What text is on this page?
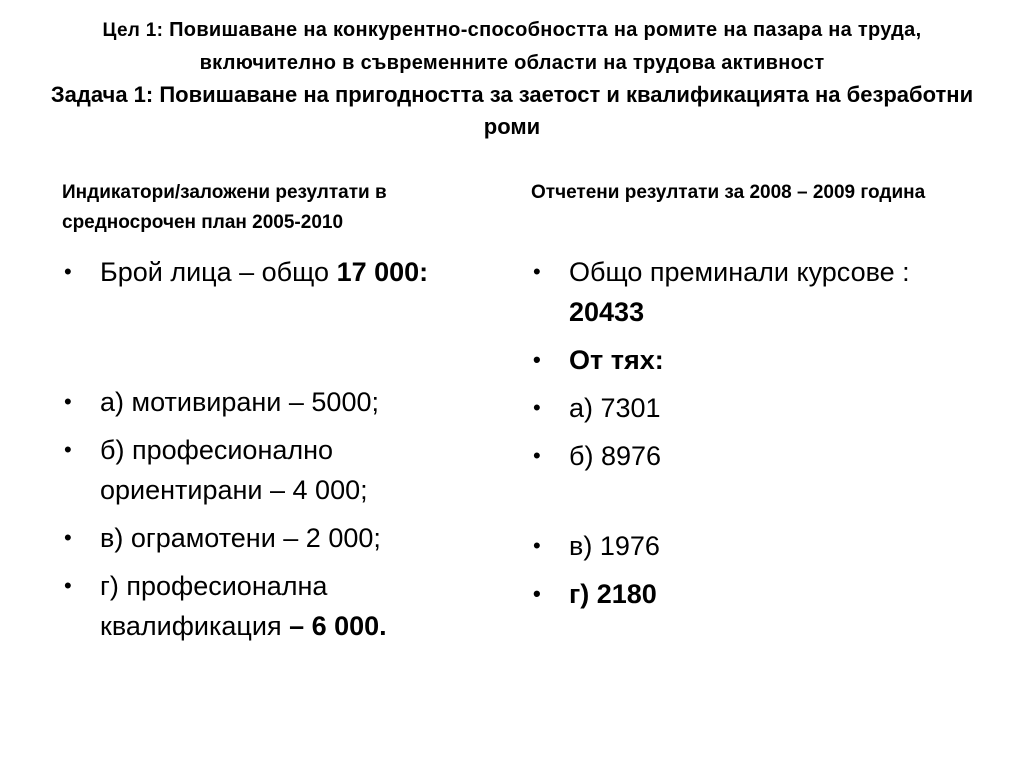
Цел 1: Повишаване на конкурентно-способността на ромите на пазара на труда, включително в съвременните области на трудова активност
Задача 1: Повишаване на пригодността за заетост и квалификацията на безработни роми
Индикатори/заложени резултати в средносрочен план 2005-2010
Отчетени резултати за 2008 – 2009 година
• Брой лица – общо 17 000:
• а) мотивирани – 5000;
• б) професионално ориентирани – 4 000;
• в) ограмотени – 2 000;
• г) професионална квалификация – 6 000.
• Общо преминали курсове : 20433
• От тях:
• а) 7301
• б) 8976
• в) 1976
• г) 2180
